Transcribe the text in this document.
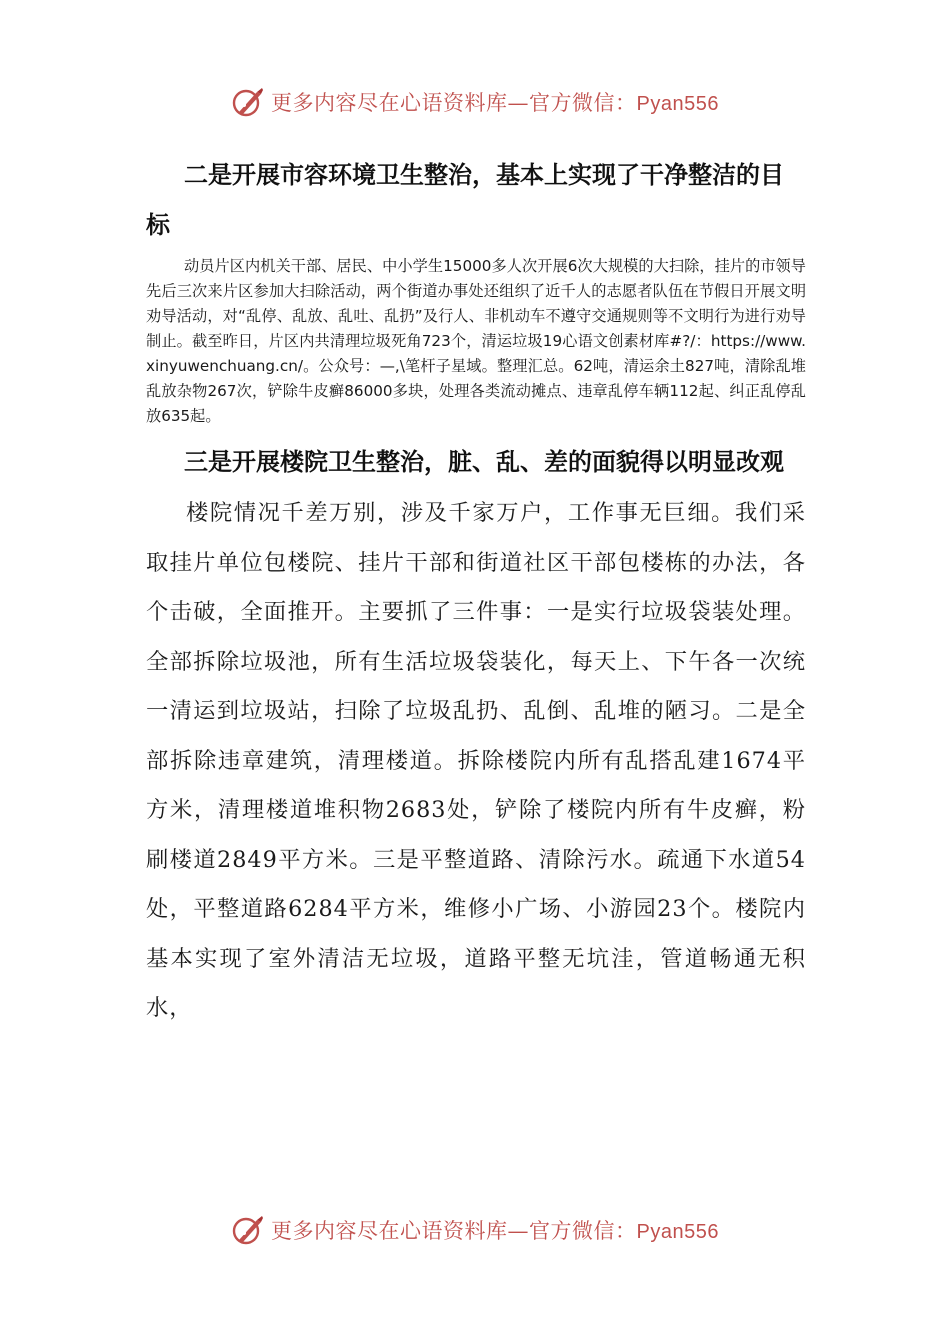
更多内容尽在心语资料库—官方微信：Pyan556
二是开展市容环境卫生整治，基本上实现了干净整洁的目标

动员片区内机关干部、居民、中小学生15000多人次开展6次大规模的大扫除，挂片的市领导先后三次来片区参加大扫除活动，两个街道办事处还组织了近千人的志愿者队伍在节假日开展文明劝导活动，对“乱停、乱放、乱吐、乱扔”及行人、非机动车不遵守交通规则等不文明行为进行劝导制止。截至昨日，片区内共清理垃圾死角723个，清运垃圾19心语文创素材库#?/：https://www.xinyuwenchuang.cn/。公众号：—,\笔杆子星域。整理汇总。62吨，清运余土827吨，清除乱堆乱放杂物267次，铲除牛皮癣86000多块，处理各类流动摊点、违章乱停车辆112起、纠正乱停乱放635起。

三是开展楼院卫生整治，脏、乱、差的面貌得以明显改观

楼院情况千差万别，涉及千家万户，工作事无巨细。我们采取挂片单位包楼院、挂片干部和街道社区干部包楼栋的办法，各个击破，全面推开。主要抓了三件事：一是实行垃圾袋装处理。全部拆除垃圾池，所有生活垃圾袋装化，每天上、下午各一次统一清运到垃圾站，扫除了垃圾乱扔、乱倒、乱堆的陋习。二是全部拆除违章建筑，清理楼道。拆除楼院内所有乱搭乱建1674平方米，清理楼道堆积物2683处，铲除了楼院内所有牛皮癣，粉刷楼道2849平方米。三是平整道路、清除污水。疏通下水道54处，平整道路6284平方米，维修小广场、小游园23个。楼院内基本实现了室外清洁无垃圾，道路平整无坑洼，管道畅通无积水，

更多内容尽在心语资料库—官方微信：Pyan556
